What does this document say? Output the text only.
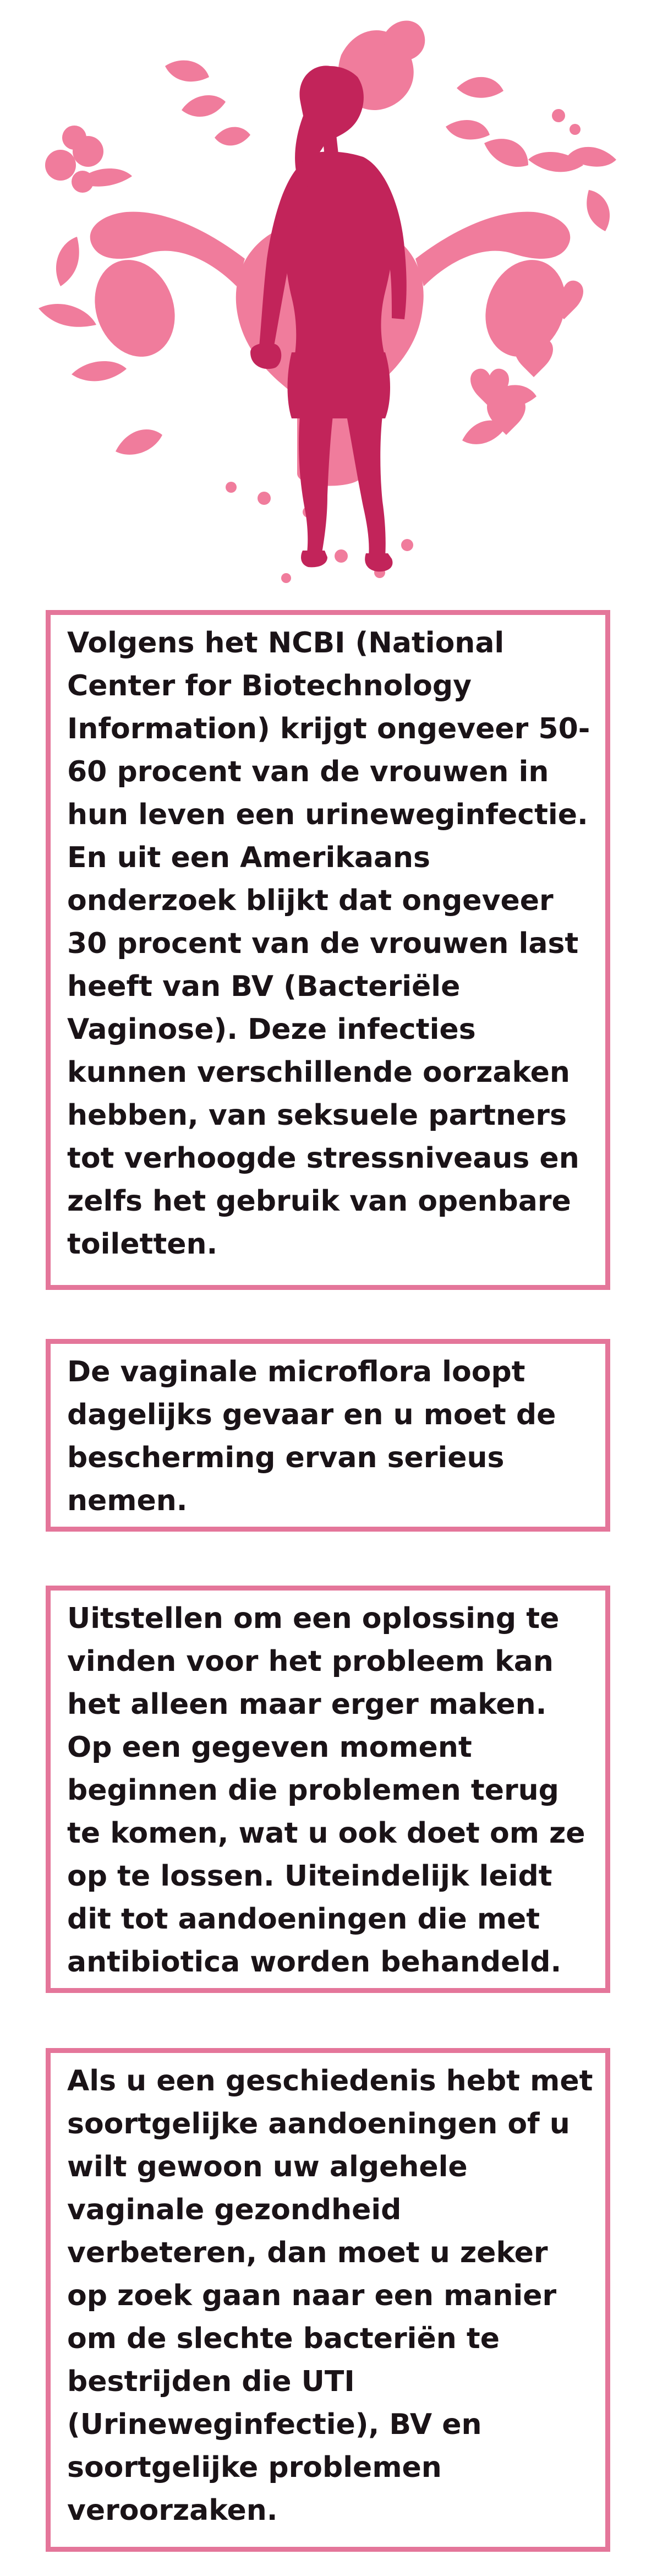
Volgens het NCBI (National Center for Biotechnology Information) krijgt ongeveer 50-60 procent van de vrouwen in hun leven een urineweginfectie. En uit een Amerikaans onderzoek blijkt dat ongeveer 30 procent van de vrouwen last heeft van BV (Bacteriële Vaginose). Deze infecties kunnen verschillende oorzaken hebben, van seksuele partners tot verhoogde stressniveaus en zelfs het gebruik van openbare toiletten.

De vaginale microflora loopt dagelijks gevaar en u moet de bescherming ervan serieus nemen.

Uitstellen om een oplossing te vinden voor het probleem kan het alleen maar erger maken. Op een gegeven moment beginnen die problemen terug te komen, wat u ook doet om ze op te lossen. Uiteindelijk leidt dit tot aandoeningen die met antibiotica worden behandeld.

Als u een geschiedenis hebt met soortgelijke aandoeningen of u wilt gewoon uw algehele vaginale gezondheid verbeteren, dan moet u zeker op zoek gaan naar een manier om de slechte bacteriën te bestrijden die UTI (Urineweginfectie), BV en soortgelijke problemen veroorzaken.
